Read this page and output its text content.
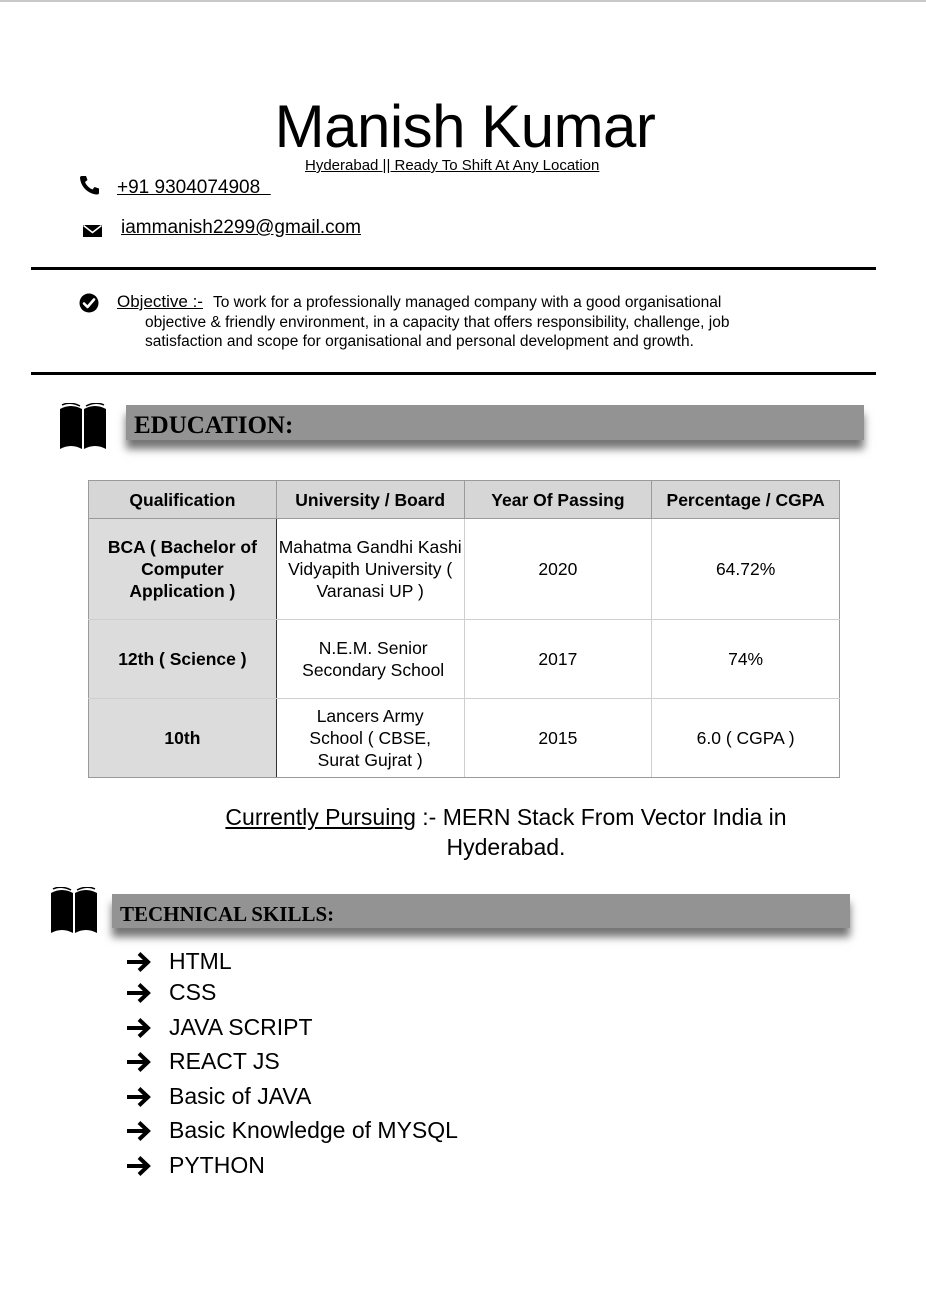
Manish Kumar
Hyderabad || Ready To Shift At Any Location
+91 9304074908
iammanish2299@gmail.com
Objective :- To work for a professionally managed company with a good organisational
objective & friendly environment, in a capacity that offers responsibility, challenge, job
satisfaction and scope for organisational and personal development and growth.
EDUCATION:
Qualification	University / Board	Year Of Passing	Percentage / CGPA
BCA ( Bachelor of Computer Application )	Mahatma Gandhi Kashi Vidyapith University ( Varanasi UP )	2020	64.72%
12th ( Science )	N.E.M. Senior Secondary School	2017	74%
10th	Lancers Army School ( CBSE, Surat Gujrat )	2015	6.0 ( CGPA )
Currently Pursuing :- MERN Stack From Vector India in Hyderabad.
TECHNICAL SKILLS:
HTML
CSS
JAVA SCRIPT
REACT JS
Basic of JAVA
Basic Knowledge of MYSQL
PYTHON
